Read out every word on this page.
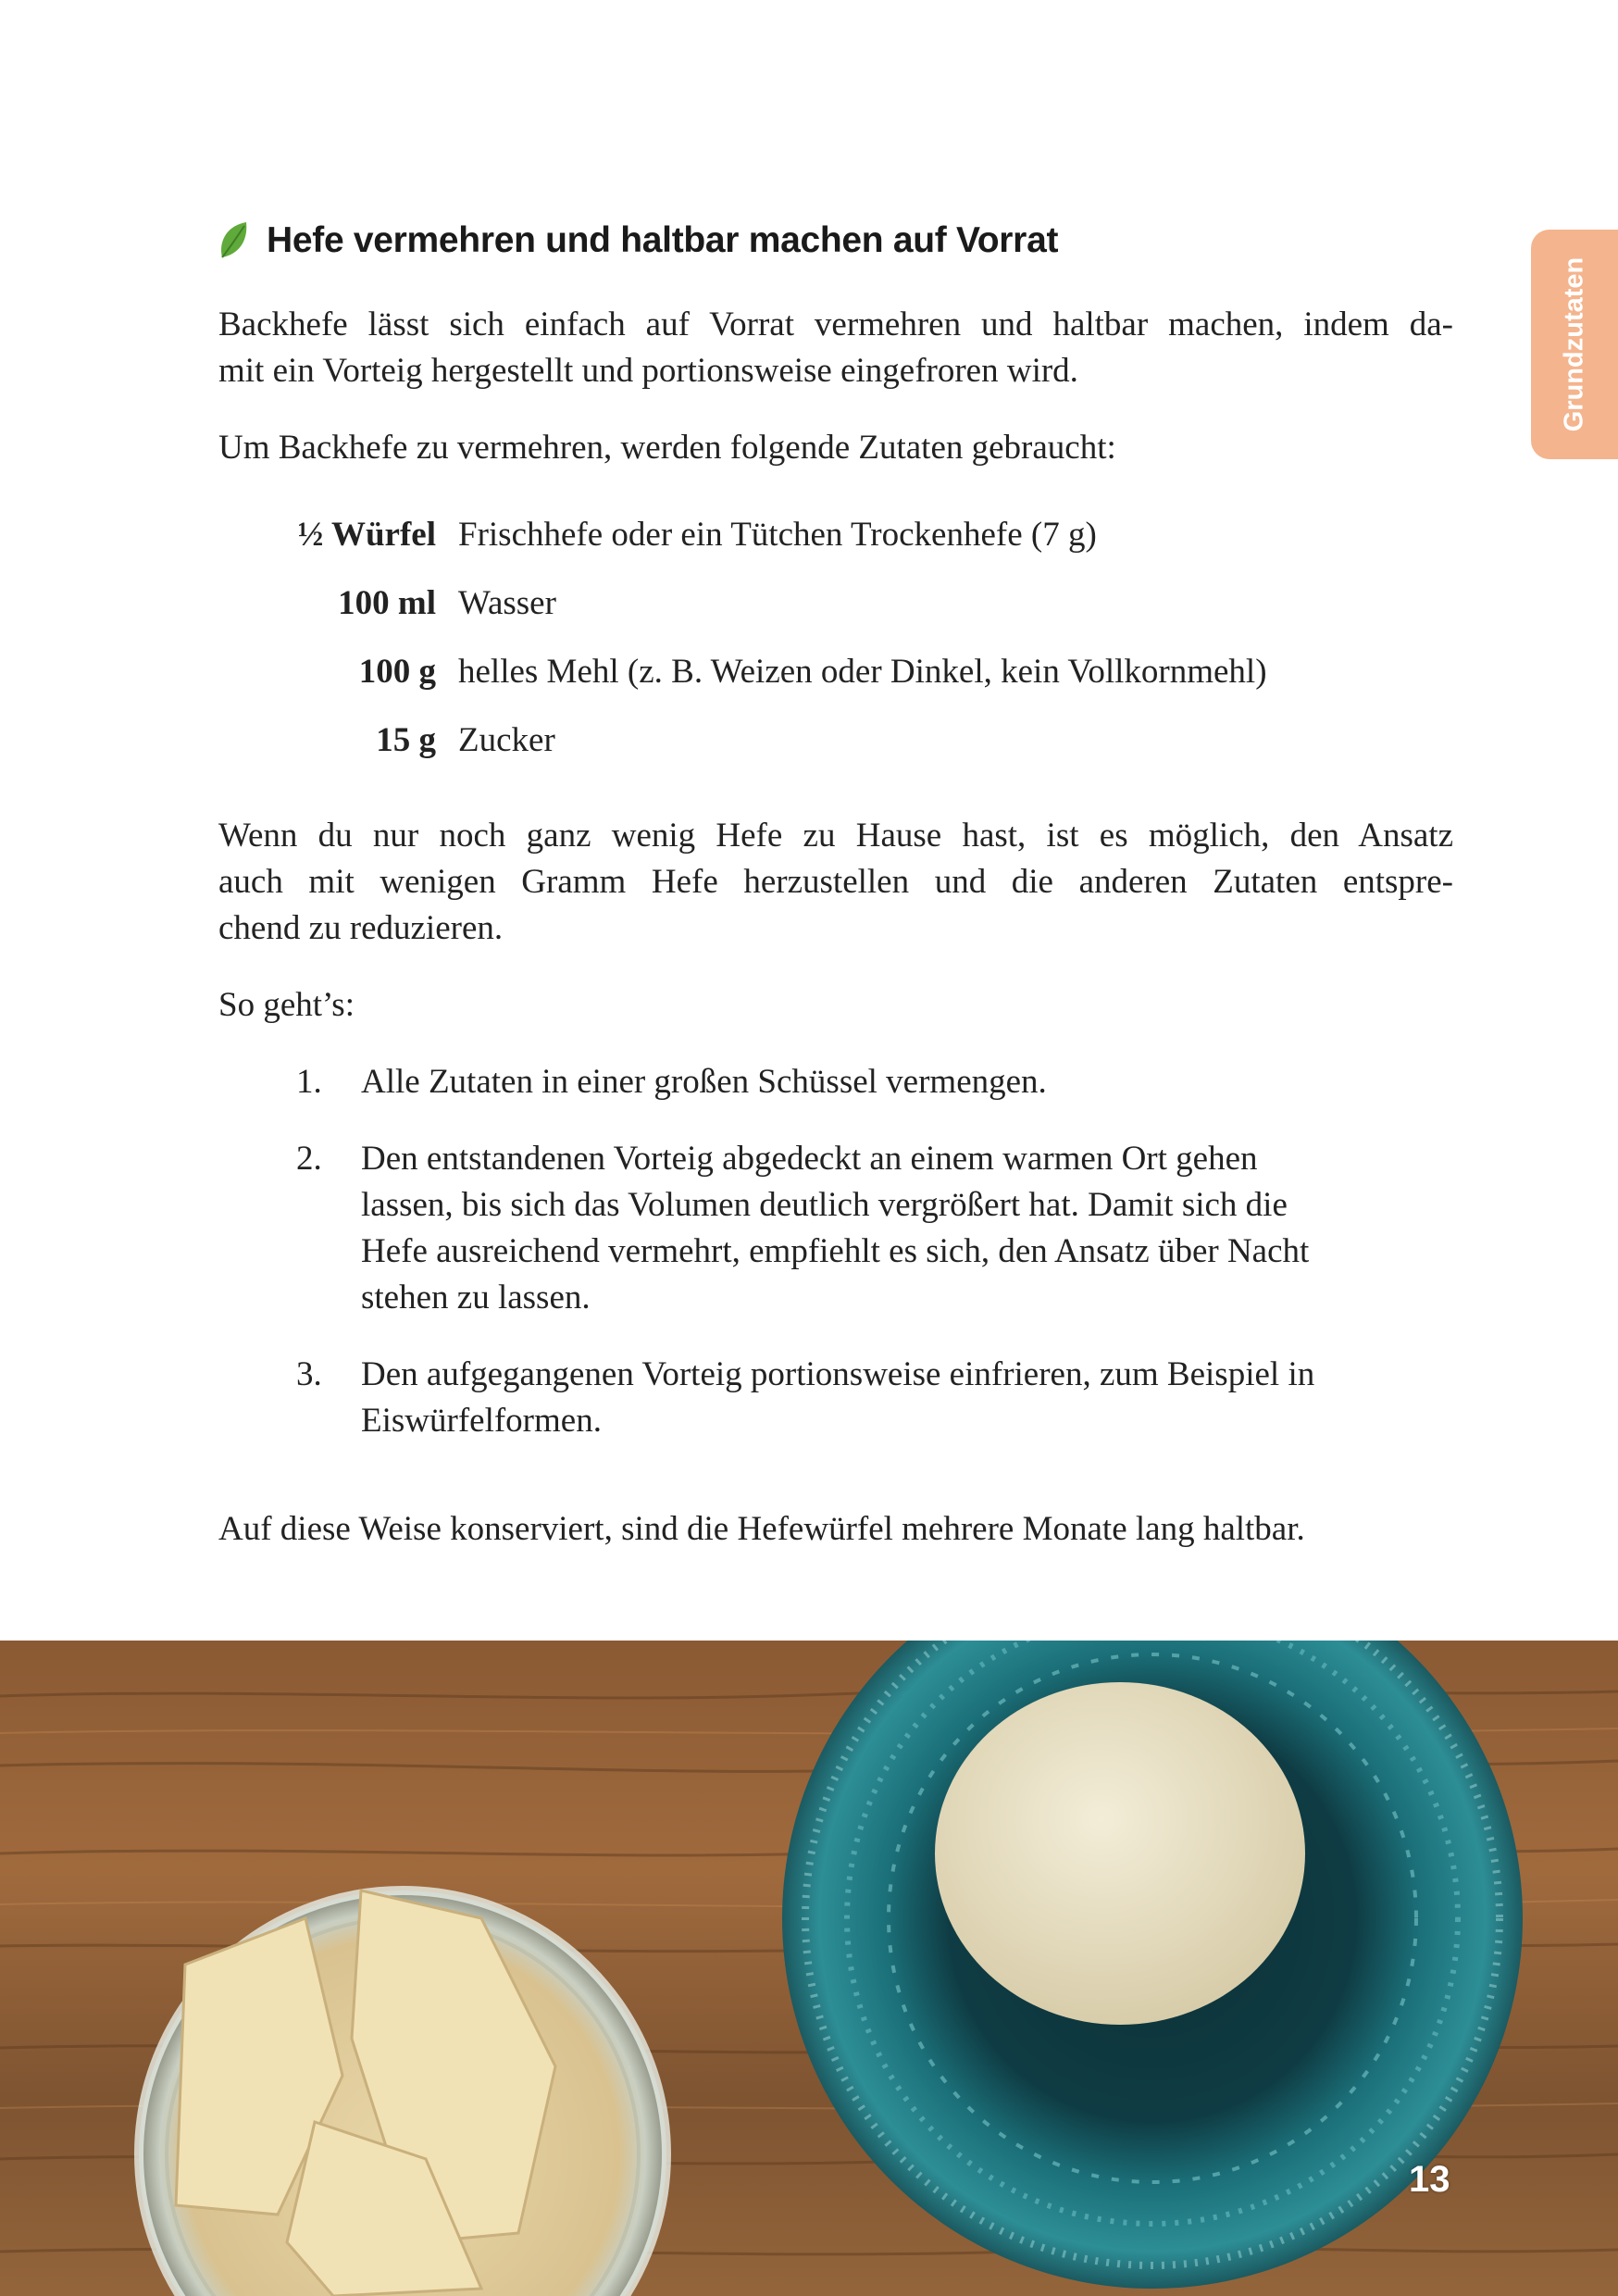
Hefe vermehren und haltbar machen auf Vorrat
Grundzutaten

Backhefe lässt sich einfach auf Vorrat vermehren und haltbar machen, indem da-
mit ein Vorteig hergestellt und portionsweise eingefroren wird.

Um Backhefe zu vermehren, werden folgende Zutaten gebraucht:

½ Würfel	Frischhefe oder ein Tütchen Trockenhefe (7 g)
100 ml	Wasser
100 g	helles Mehl (z. B. Weizen oder Dinkel, kein Vollkornmehl)
15 g	Zucker

Wenn du nur noch ganz wenig Hefe zu Hause hast, ist es möglich, den Ansatz
auch mit wenigen Gramm Hefe herzustellen und die anderen Zutaten entspre-
chend zu reduzieren.

So geht’s:

1.	Alle Zutaten in einer großen Schüssel vermengen.
2.	Den entstandenen Vorteig abgedeckt an einem warmen Ort gehen
lassen, bis sich das Volumen deutlich vergrößert hat. Damit sich die
Hefe ausreichend vermehrt, empfiehlt es sich, den Ansatz über Nacht
stehen zu lassen.
3.	Den aufgegangenen Vorteig portionsweise einfrieren, zum Beispiel in
Eiswürfelformen.

Auf diese Weise konserviert, sind die Hefewürfel mehrere Monate lang haltbar.

13
